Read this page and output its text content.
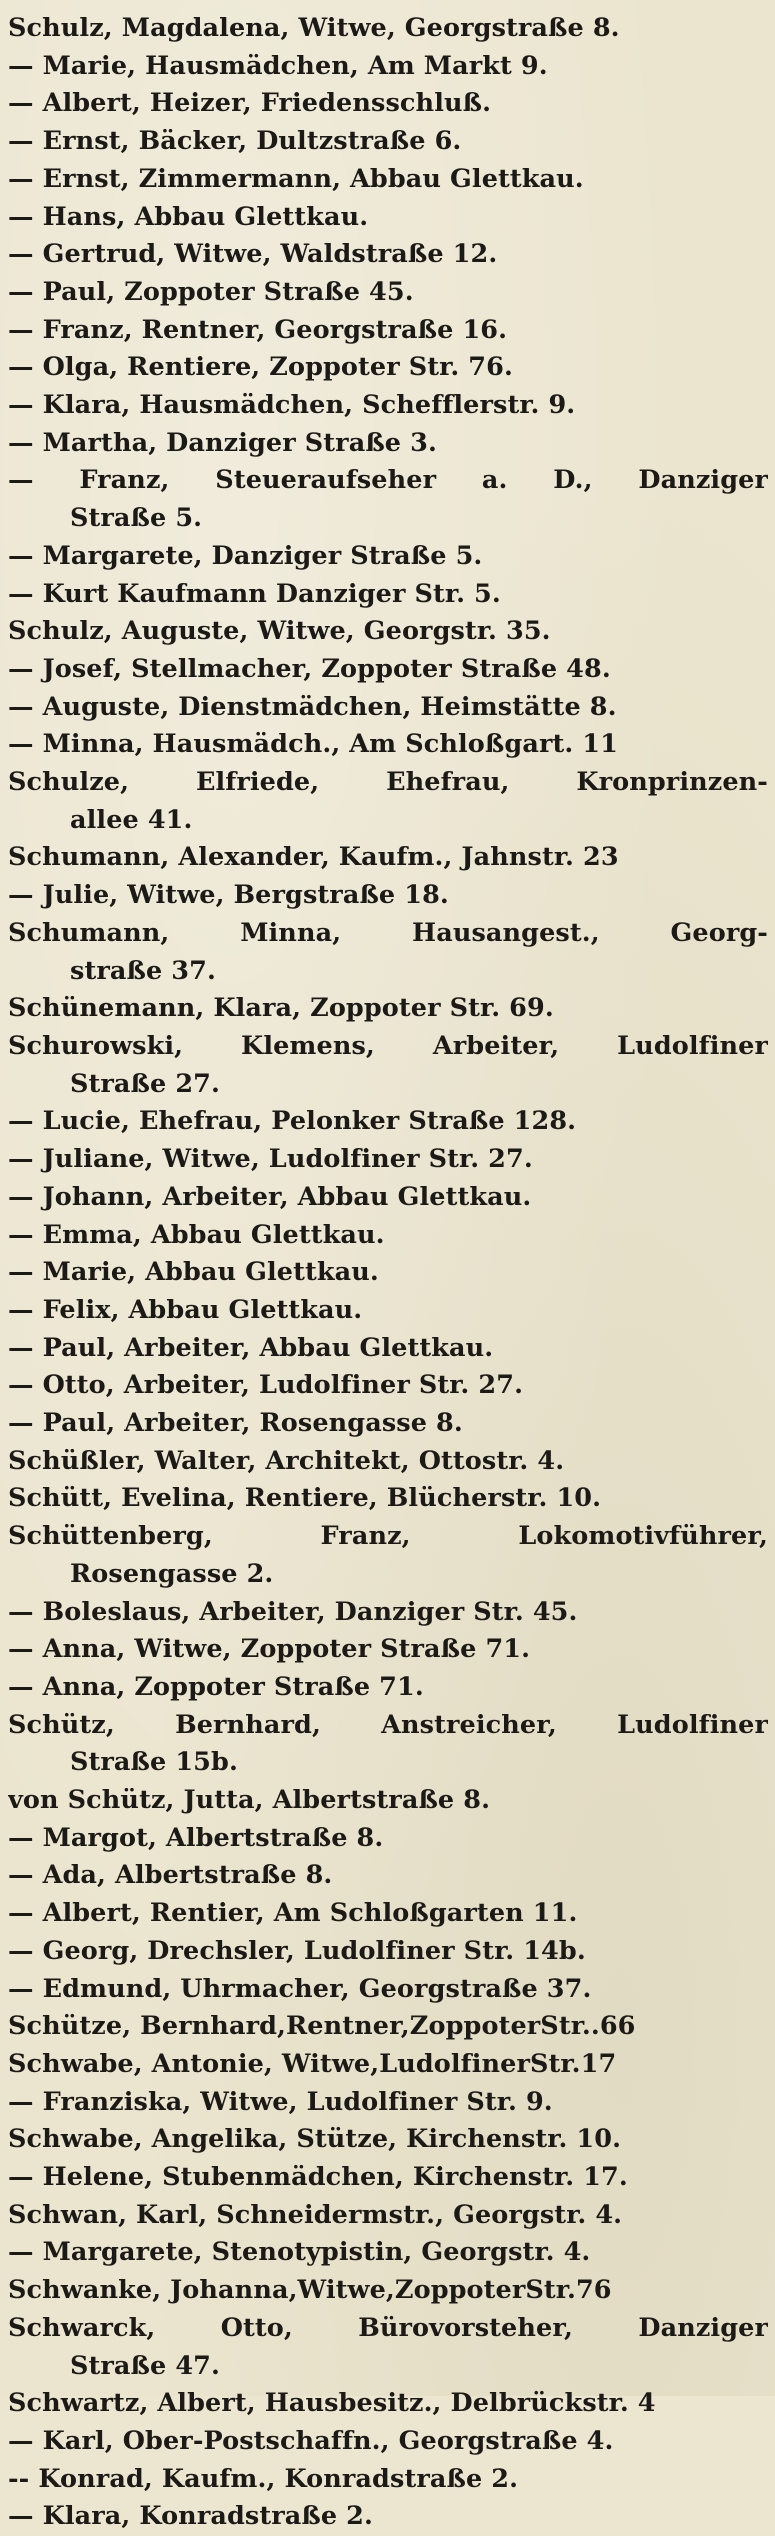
Schulz, Magdalena, Witwe, Georgstraße 8.
— Marie, Hausmädchen, Am Markt 9.
— Albert, Heizer, Friedensschluß.
— Ernst, Bäcker, Dultzstraße 6.
— Ernst, Zimmermann, Abbau Glettkau.
— Hans, Abbau Glettkau.
— Gertrud, Witwe, Waldstraße 12.
— Paul, Zoppoter Straße 45.
— Franz, Rentner, Georgstraße 16.
— Olga, Rentiere, Zoppoter Str. 76.
— Klara, Hausmädchen, Schefflerstr. 9.
— Martha, Danziger Straße 3.
— Franz, Steueraufseher a. D., Danziger
Straße 5.
— Margarete, Danziger Straße 5.
— Kurt Kaufmann Danziger Str. 5.
Schulz, Auguste, Witwe, Georgstr. 35.
— Josef, Stellmacher, Zoppoter Straße 48.
— Auguste, Dienstmädchen, Heimstätte 8.
— Minna, Hausmädch., Am Schloßgart. 11
Schulze, Elfriede, Ehefrau, Kronprinzen-
allee 41.
Schumann, Alexander, Kaufm., Jahnstr. 23
— Julie, Witwe, Bergstraße 18.
Schumann, Minna, Hausangest., Georg-
straße 37.
Schünemann, Klara, Zoppoter Str. 69.
Schurowski, Klemens, Arbeiter, Ludolfiner
Straße 27.
— Lucie, Ehefrau, Pelonker Straße 128.
— Juliane, Witwe, Ludolfiner Str. 27.
— Johann, Arbeiter, Abbau Glettkau.
— Emma, Abbau Glettkau.
— Marie, Abbau Glettkau.
— Felix, Abbau Glettkau.
— Paul, Arbeiter, Abbau Glettkau.
— Otto, Arbeiter, Ludolfiner Str. 27.
— Paul, Arbeiter, Rosengasse 8.
Schüßler, Walter, Architekt, Ottostr. 4.
Schütt, Evelina, Rentiere, Blücherstr. 10.
Schüttenberg, Franz, Lokomotivführer,
Rosengasse 2.
— Boleslaus, Arbeiter, Danziger Str. 45.
— Anna, Witwe, Zoppoter Straße 71.
— Anna, Zoppoter Straße 71.
Schütz, Bernhard, Anstreicher, Ludolfiner
Straße 15b.
von Schütz, Jutta, Albertstraße 8.
— Margot, Albertstraße 8.
— Ada, Albertstraße 8.
— Albert, Rentier, Am Schloßgarten 11.
— Georg, Drechsler, Ludolfiner Str. 14b.
— Edmund, Uhrmacher, Georgstraße 37.
Schütze, Bernhard,Rentner,ZoppoterStr..66
Schwabe, Antonie, Witwe,LudolfinerStr.17
— Franziska, Witwe, Ludolfiner Str. 9.
Schwabe, Angelika, Stütze, Kirchenstr. 10.
— Helene, Stubenmädchen, Kirchenstr. 17.
Schwan, Karl, Schneidermstr., Georgstr. 4.
— Margarete, Stenotypistin, Georgstr. 4.
Schwanke, Johanna,Witwe,ZoppoterStr.76
Schwarck, Otto, Bürovorsteher, Danziger
Straße 47.
Schwartz, Albert, Hausbesitz., Delbrückstr. 4
— Karl, Ober-Postschaffn., Georgstraße 4.
-- Konrad, Kaufm., Konradstraße 2.
— Klara, Konradstraße 2.
